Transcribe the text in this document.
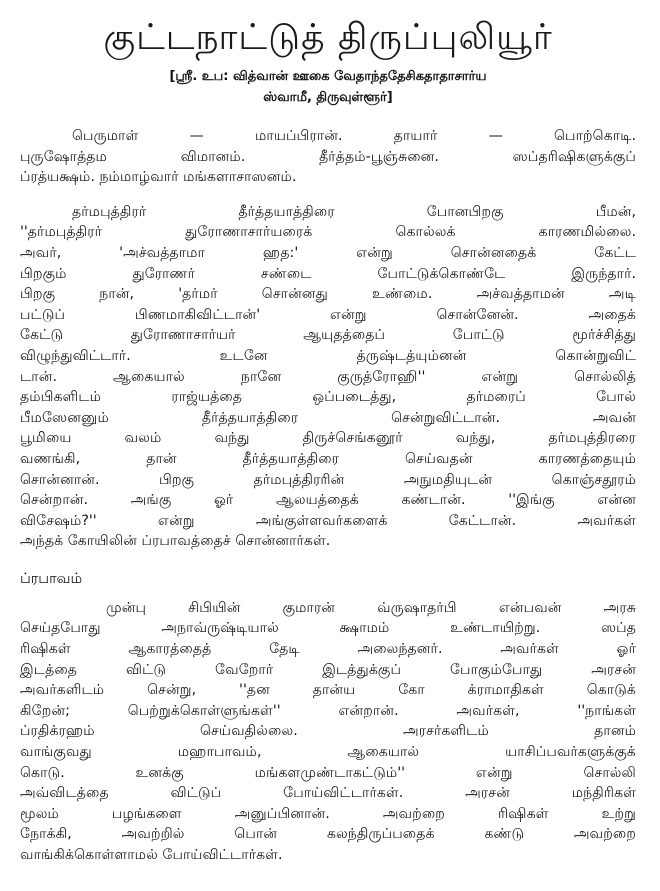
குட்டநாட்டுத் திருப்புலியூர்
[ஸ்ரீ. உப: வித்வான் ஊகை வேதாந்ததேசிகதாதாசார்ய
ஸ்வாமீ, திருவுள்ளூர்]
பெருமாள் — மாயப்பிரான். தாயார் — பொற்கொடி.
புருஷோத்தம விமானம். தீர்த்தம்-பூஞ்சுனை. ஸப்தரிஷிகளுக்குப்
ப்ரத்யக்ஷம். நம்மாழ்வார் மங்களாசாஸனம்.
தர்மபுத்திரர் தீர்த்தயாத்திரை போனபிறகு பீமன்,
''தர்மபுத்திரர் துரோணாசார்யரைக் கொல்லக் காரணமில்லை.
அவர், 'அச்வத்தாமா ஹத:' என்று சொன்னதைக் கேட்ட
பிறகும் துரோணர் சண்டை போட்டுக்கொண்டே இருந்தார்.
பிறகு நான், 'தர்மர் சொன்னது உண்மை. அச்வத்தாமன் அடி
பட்டுப் பிணமாகிவிட்டான்' என்று சொன்னேன். அதைக்
கேட்டு துரோணாசார்யர் ஆயுதத்தைப் போட்டு மூர்ச்சித்து
விழுந்துவிட்டார். உடனே த்ருஷ்டத்யும்னன் கொன்றுவிட்
டான். ஆகையால் நானே குருத்ரோஹி'' என்று சொல்லித்
தம்பிகளிடம் ராஜ்யத்தை ஒப்படைத்து, தர்மரைப் போல்
பீமஸேனனும் தீர்த்தயாத்திரை சென்றுவிட்டான். அவன்
பூமியை வலம் வந்து திருச்செங்கனூர் வந்து, தர்மபுத்திரரை
வணங்கி, தான் தீர்த்தயாத்திரை செய்வதன் காரணத்தையும்
சொன்னான். பிறகு தர்மபுத்திரரின் அநுமதியுடன் கொஞ்சதூரம்
சென்றான். அங்கு ஓர் ஆலயத்தைக் கண்டான். ''இங்கு என்ன
விசேஷம்?'' என்று அங்குள்ளவர்களைக் கேட்டான். அவர்கள்
அந்தக் கோயிலின் ப்ரபாவத்தைச் சொன்னார்கள்.
ப்ரபாவம்
முன்பு சிபியின் குமாரன் வ்ருஷாதர்பி என்பவன் அரசு
செய்தபோது அநாவ்ருஷ்டியால் க்ஷாமம் உண்டாயிற்று. ஸப்த
ரிஷிகள் ஆகாரத்தைத் தேடி அலைந்தனர். அவர்கள் ஓர்
இடத்தை விட்டு வேறோர் இடத்துக்குப் போகும்போது அரசன்
அவர்களிடம் சென்று, ''தன தான்ய கோ க்ராமாதிகள் கொடுக்
கிறேன்; பெற்றுக்கொள்ளுங்கள்'' என்றான். அவர்கள், ''நாங்கள்
ப்ரதிக்ரஹம் செய்வதில்லை. அரசர்களிடம் தானம்
வாங்குவது மஹாபாவம், ஆகையால் யாசிப்பவர்களுக்குக்
கொடு. உனக்கு மங்களமுண்டாகட்டும்'' என்று சொல்லி
அவ்விடத்தை விட்டுப் போய்விட்டார்கள். அரசன் மந்திரிகள்
மூலம் பழங்களை அனுப்பினான். அவற்றை ரிஷிகள் உற்று
நோக்கி, அவற்றில் பொன் கலந்திருப்பதைக் கண்டு அவற்றை
வாங்கிக்கொள்ளாமல் போய்விட்டார்கள்.
